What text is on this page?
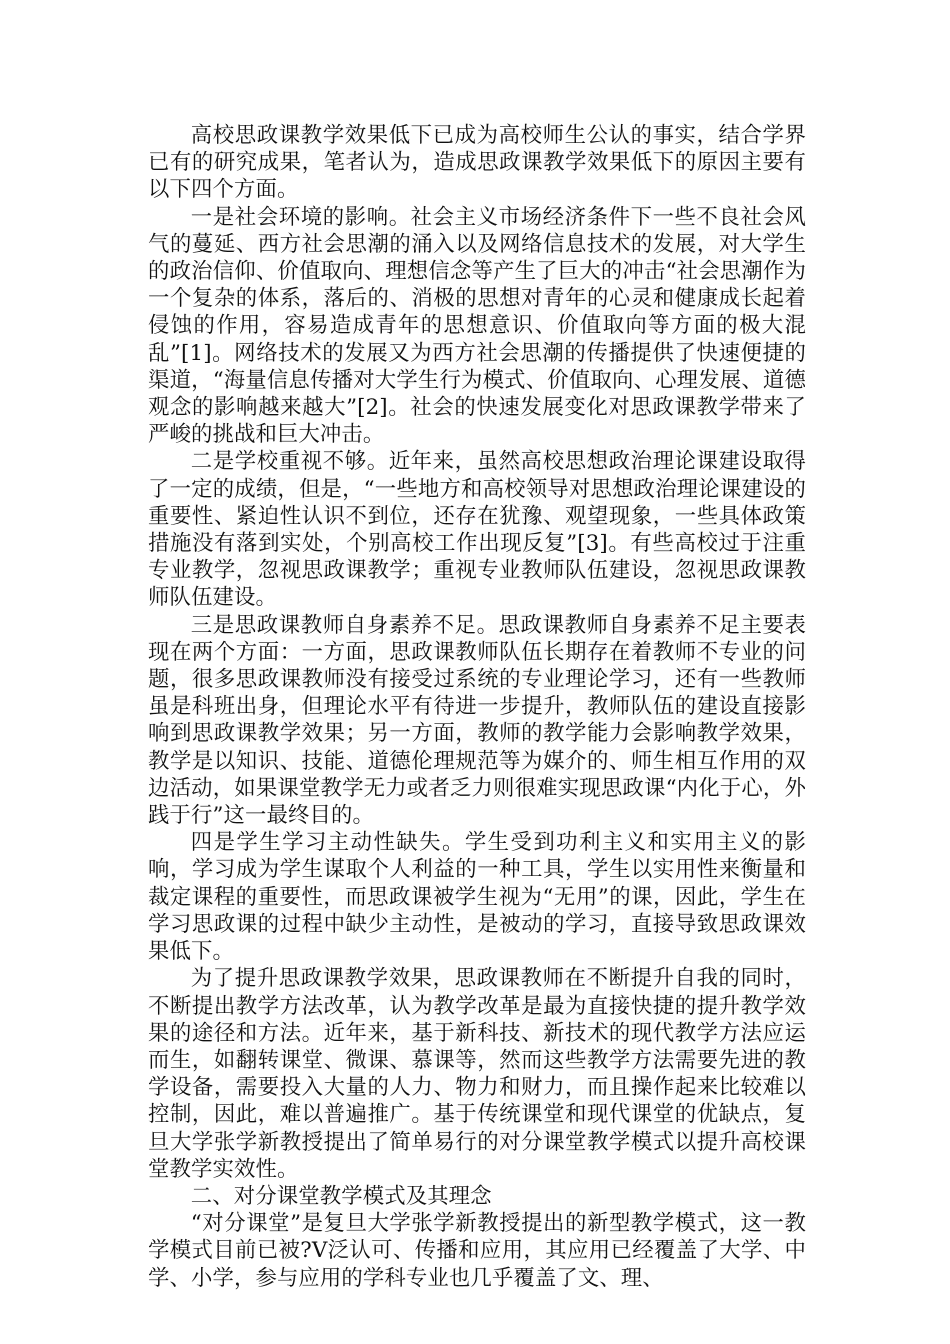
高校思政课教学效果低下已成为高校师生公认的事实，结合学界已有的研究成果，笔者认为，造成思政课教学效果低下的原因主要有以下四个方面。

一是社会环境的影响。社会主义市场经济条件下一些不良社会风气的蔓延、西方社会思潮的涌入以及网络信息技术的发展，对大学生的政治信仰、价值取向、理想信念等产生了巨大的冲击“社会思潮作为一个复杂的体系，落后的、消极的思想对青年的心灵和健康成长起着侵蚀的作用，容易造成青年的思想意识、价值取向等方面的极大混乱”[1]。网络技术的发展又为西方社会思潮的传播提供了快速便捷的渠道，“海量信息传播对大学生行为模式、价值取向、心理发展、道德观念的影响越来越大”[2]。社会的快速发展变化对思政课教学带来了严峻的挑战和巨大冲击。

二是学校重视不够。近年来，虽然高校思想政治理论课建设取得了一定的成绩，但是，“一些地方和高校领导对思想政治理论课建设的重要性、紧迫性认识不到位，还存在犹豫、观望现象，一些具体政策措施没有落到实处，个别高校工作出现反复”[3]。有些高校过于注重专业教学，忽视思政课教学；重视专业教师队伍建设，忽视思政课教师队伍建设。

三是思政课教师自身素养不足。思政课教师自身素养不足主要表现在两个方面：一方面，思政课教师队伍长期存在着教师不专业的问题，很多思政课教师没有接受过系统的专业理论学习，还有一些教师虽是科班出身，但理论水平有待进一步提升，教师队伍的建设直接影响到思政课教学效果；另一方面，教师的教学能力会影响教学效果，教学是以知识、技能、道德伦理规范等为媒介的、师生相互作用的双边活动，如果课堂教学无力或者乏力则很难实现思政课“内化于心，外践于行”这一最终目的。

四是学生学习主动性缺失。学生受到功利主义和实用主义的影响，学习成为学生谋取个人利益的一种工具，学生以实用性来衡量和裁定课程的重要性，而思政课被学生视为“无用”的课，因此，学生在学习思政课的过程中缺少主动性，是被动的学习，直接导致思政课效果低下。

为了提升思政课教学效果，思政课教师在不断提升自我的同时，不断提出教学方法改革，认为教学改革是最为直接快捷的提升教学效果的途径和方法。近年来，基于新科技、新技术的现代教学方法应运而生，如翻转课堂、微课、慕课等，然而这些教学方法需要先进的教学设备，需要投入大量的人力、物力和财力，而且操作起来比较难以控制，因此，难以普遍推广。基于传统课堂和现代课堂的优缺点，复旦大学张学新教授提出了简单易行的对分课堂教学模式以提升高校课堂教学实效性。

二、对分课堂教学模式及其理念

“对分课堂”是复旦大学张学新教授提出的新型教学模式，这一教学模式目前已被?V泛认可、传播和应用，其应用已经覆盖了大学、中学、小学，参与应用的学科专业也几乎覆盖了文、理、
